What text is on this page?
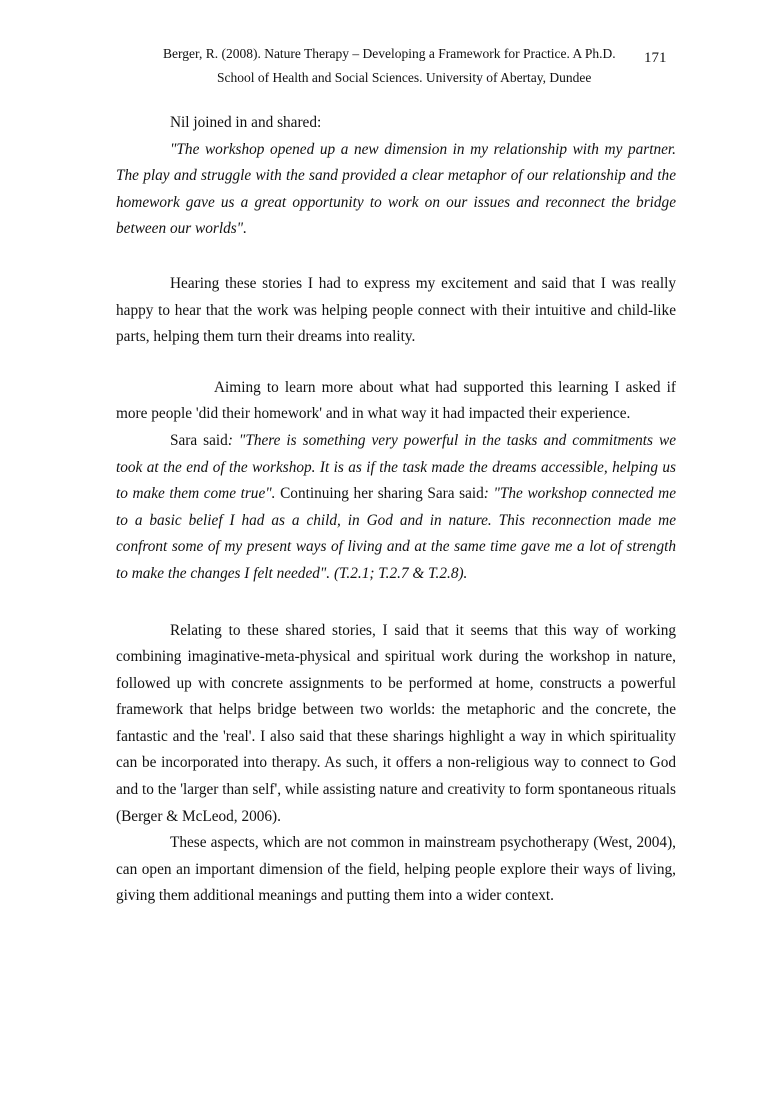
Berger, R. (2008). Nature Therapy – Developing a Framework for Practice. A Ph.D.
School of Health and Social Sciences. University of Abertay, Dundee
171

Nil joined in and shared:

"The workshop opened up a new dimension in my relationship with my partner. The play and struggle with the sand provided a clear metaphor of our relationship and the homework gave us a great opportunity to work on our issues and reconnect the bridge between our worlds".

Hearing these stories I had to express my excitement and said that I was really happy to hear that the work was helping people connect with their intuitive and child-like parts, helping them turn their dreams into reality.

Aiming to learn more about what had supported this learning I asked if more people 'did their homework' and in what way it had impacted their experience.

Sara said: "There is something very powerful in the tasks and commitments we took at the end of the workshop. It is as if the task made the dreams accessible, helping us to make them come true". Continuing her sharing Sara said: "The workshop connected me to a basic belief I had as a child, in God and in nature. This reconnection made me confront some of my present ways of living and at the same time gave me a lot of strength to make the changes I felt needed". (T.2.1; T.2.7 & T.2.8).

Relating to these shared stories, I said that it seems that this way of working combining imaginative-meta-physical and spiritual work during the workshop in nature, followed up with concrete assignments to be performed at home, constructs a powerful framework that helps bridge between two worlds: the metaphoric and the concrete, the fantastic and the 'real'. I also said that these sharings highlight a way in which spirituality can be incorporated into therapy. As such, it offers a non-religious way to connect to God and to the 'larger than self', while assisting nature and creativity to form spontaneous rituals (Berger & McLeod, 2006).

These aspects, which are not common in mainstream psychotherapy (West, 2004), can open an important dimension of the field, helping people explore their ways of living, giving them additional meanings and putting them into a wider context.
